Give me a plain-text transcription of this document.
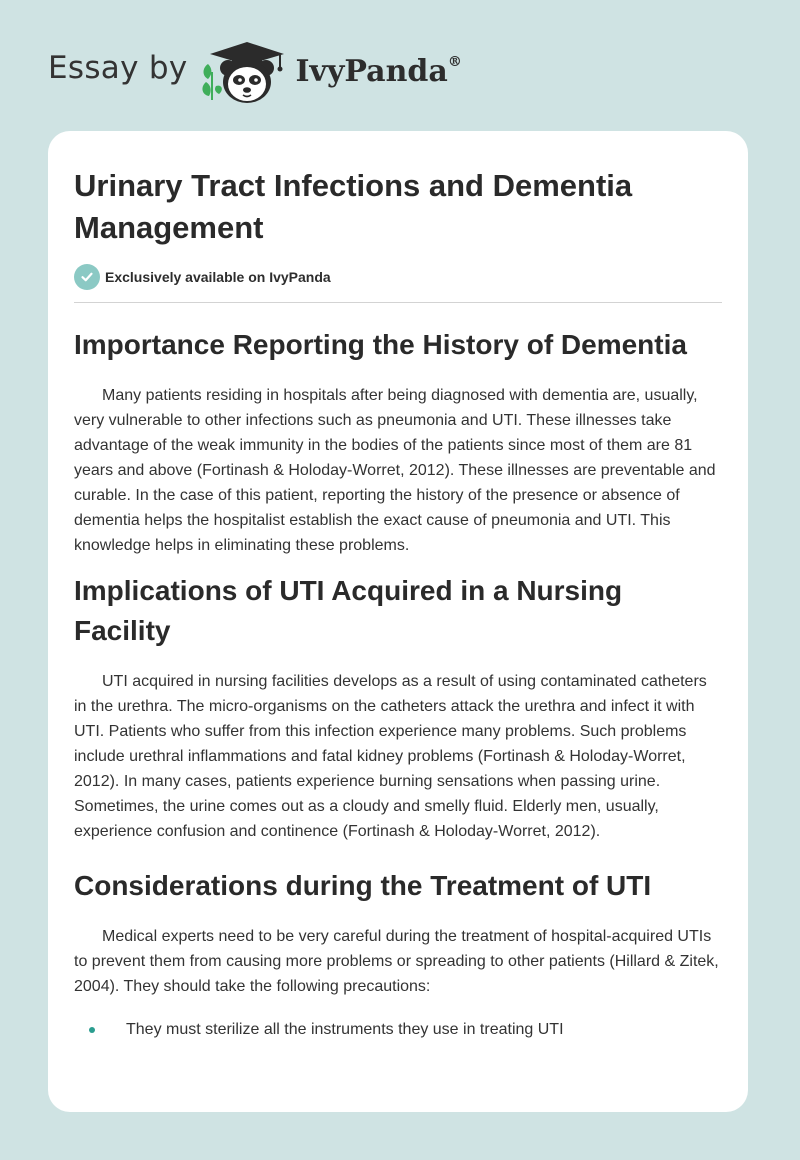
Essay by	IvyPanda®
Urinary Tract Infections and Dementia Management
Exclusively available on IvyPanda
Importance Reporting the History of Dementia

Many patients residing in hospitals after being diagnosed with dementia are, usually, very vulnerable to other infections such as pneumonia and UTI. These illnesses take advantage of the weak immunity in the bodies of the patients since most of them are 81 years and above (Fortinash & Holoday-Worret, 2012). These illnesses are preventable and curable. In the case of this patient, reporting the history of the presence or absence of dementia helps the hospitalist establish the exact cause of pneumonia and UTI. This knowledge helps in eliminating these problems.

Implications of UTI Acquired in a Nursing Facility

UTI acquired in nursing facilities develops as a result of using contaminated catheters in the urethra. The micro-organisms on the catheters attack the urethra and infect it with UTI. Patients who suffer from this infection experience many problems. Such problems include urethral inflammations and fatal kidney problems (Fortinash & Holoday-Worret, 2012). In many cases, patients experience burning sensations when passing urine. Sometimes, the urine comes out as a cloudy and smelly fluid. Elderly men, usually, experience confusion and continence (Fortinash & Holoday-Worret, 2012).

Considerations during the Treatment of UTI

Medical experts need to be very careful during the treatment of hospital-acquired UTIs to prevent them from causing more problems or spreading to other patients (Hillard & Zitek, 2004). They should take the following precautions:

They must sterilize all the instruments they use in treating UTI
